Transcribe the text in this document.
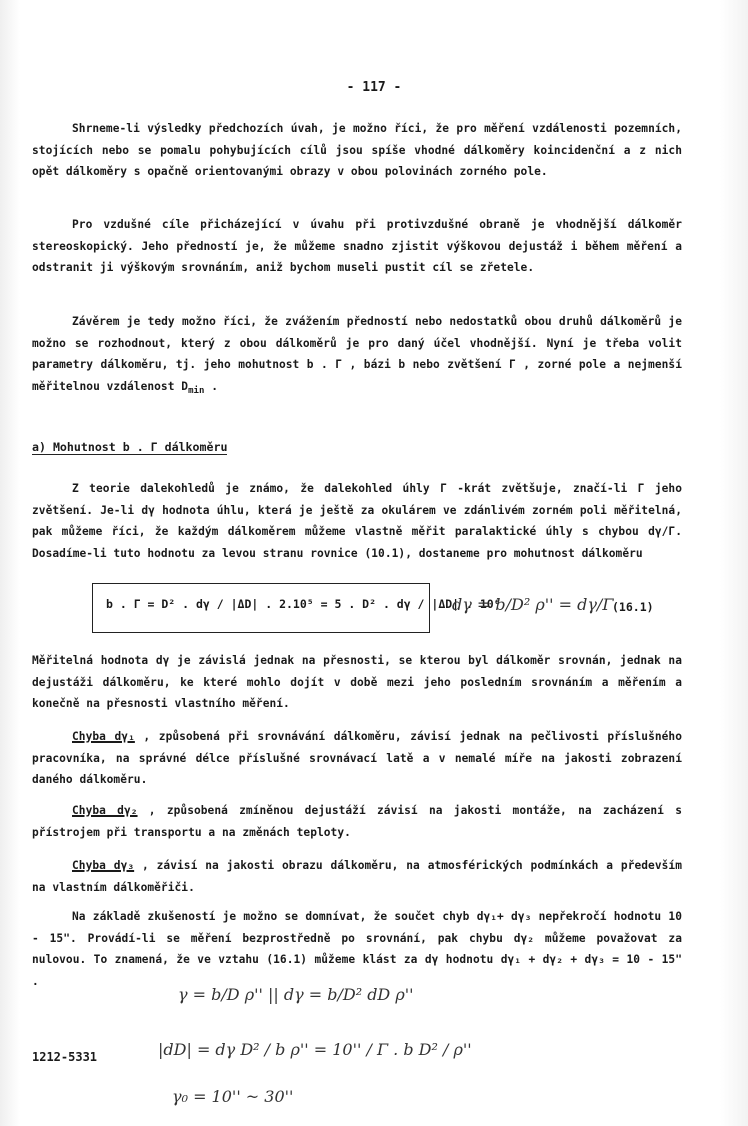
- 117 -

Shrneme-li výsledky předchozích úvah, je možno říci, že pro měření vzdálenosti pozemních, stojících nebo se pomalu pohybujících cílů jsou spíše vhodné dálkoměry koincidenční a z nich opět dálkoměry s opačně orientovanými obrazy v obou polovinách zorného pole.

Pro vzdušné cíle přicházející v úvahu při protivzdušné obraně je vhodnější dálkoměr stereoskopický. Jeho předností je, že můžeme snadno zjistit výškovou dejustáž i během měření a odstranit ji výškovým srovnáním, aniž bychom museli pustit cíl se zřetele.

Závěrem je tedy možno říci, že zvážením předností nebo nedostatků obou druhů dálkoměrů je možno se rozhodnout, který z obou dálkoměrů je pro daný účel vhodnější. Nyní je třeba volit parametry dálkoměru, tj. jeho mohutnost b . Γ , bázi b nebo zvětšení Γ , zorné pole a nejmenší měřitelnou vzdálenost $D_{min}$ .

a) Mohutnost b . Γ dálkoměru

Z teorie dalekohledů je známo, že dalekohled úhly Γ -krát zvětšuje, značí-li Γ jeho zvětšení. Je-li dγ hodnota úhlu, která je ještě za okulárem ve zdánlivém zorném poli měřitelná, pak můžeme říci, že každým dálkoměrem můžeme vlastně měřit paralaktické úhly s chybou dγ/Γ. Dosadíme-li tuto hodnotu za levou stranu rovnice (10.1), dostaneme pro mohutnost dálkoměru

b . Γ = D² . dγ / |ΔD| . 2.10⁵ = 5 . D² . dγ / |ΔD| . 10⁶	(16.1)

Měřitelná hodnota dγ je závislá jednak na přesnosti, se kterou byl dálkoměr srovnán, jednak na dejustáži dálkoměru, ke které mohlo dojít v době mezi jeho posledním srovnáním a měřením a konečně na přesnosti vlastního měření.

Chyba dγ₁ , způsobená při srovnávání dálkoměru, závisí jednak na pečlivosti příslušného pracovníka, na správné délce příslušné srovnávací latě a v nemalé míře na jakosti zobrazení daného dálkoměru.

Chyba dγ₂ , způsobená zmíněnou dejustáží závisí na jakosti montáže, na zacházení s přístrojem při transportu a na změnách teploty.

Chyba dγ₃ , závisí na jakosti obrazu dálkoměru, na atmosférických podmínkách a především na vlastním dálkoměřiči.

Na základě zkušeností je možno se domnívat, že součet chyb dγ₁+ dγ₃ nepřekročí hodnotu 10 - 15". Provádí-li se měření bezprostředně po srovnání, pak chybu dγ₂ můžeme považovat za nulovou. To znamená, že ve vztahu (16.1) můžeme klást za dγ hodnotu dγ₁ + dγ₂ + dγ₃ = 10 - 15" .

1212-5331
dγ = b/D² ρ'' = dγ/Γ
γ = b/D ρ'' || dγ = b/D² dD ρ''
|dD| = dγ D² / b ρ'' = 10'' / Γ . b D² / ρ''
γ₀ = 10'' ~ 30''
